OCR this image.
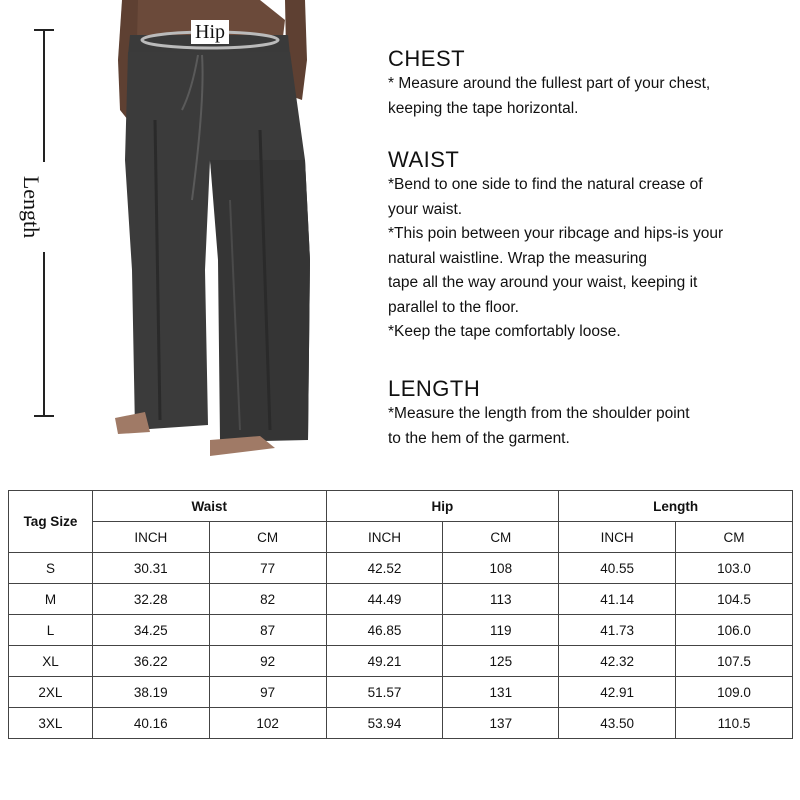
Length
Hip
CHEST

* Measure around the fullest part of your chest,

keeping the tape horizontal.

WAIST

*Bend to one side to find the natural crease of

your waist.

*This poin between your ribcage and hips-is your

natural waistline. Wrap the measuring

tape all the way around your waist, keeping it

parallel to the floor.

*Keep the tape comfortably loose.

LENGTH

*Measure the length from the shoulder point

to the hem of the garment.

Tag Size	Waist		Hip		Length	
	INCH	CM	INCH	CM	INCH	CM
S	30.31	77	42.52	108	40.55	103.0
M	32.28	82	44.49	113	41.14	104.5
L	34.25	87	46.85	119	41.73	106.0
XL	36.22	92	49.21	125	42.32	107.5
2XL	38.19	97	51.57	131	42.91	109.0
3XL	40.16	102	53.94	137	43.50	110.5
